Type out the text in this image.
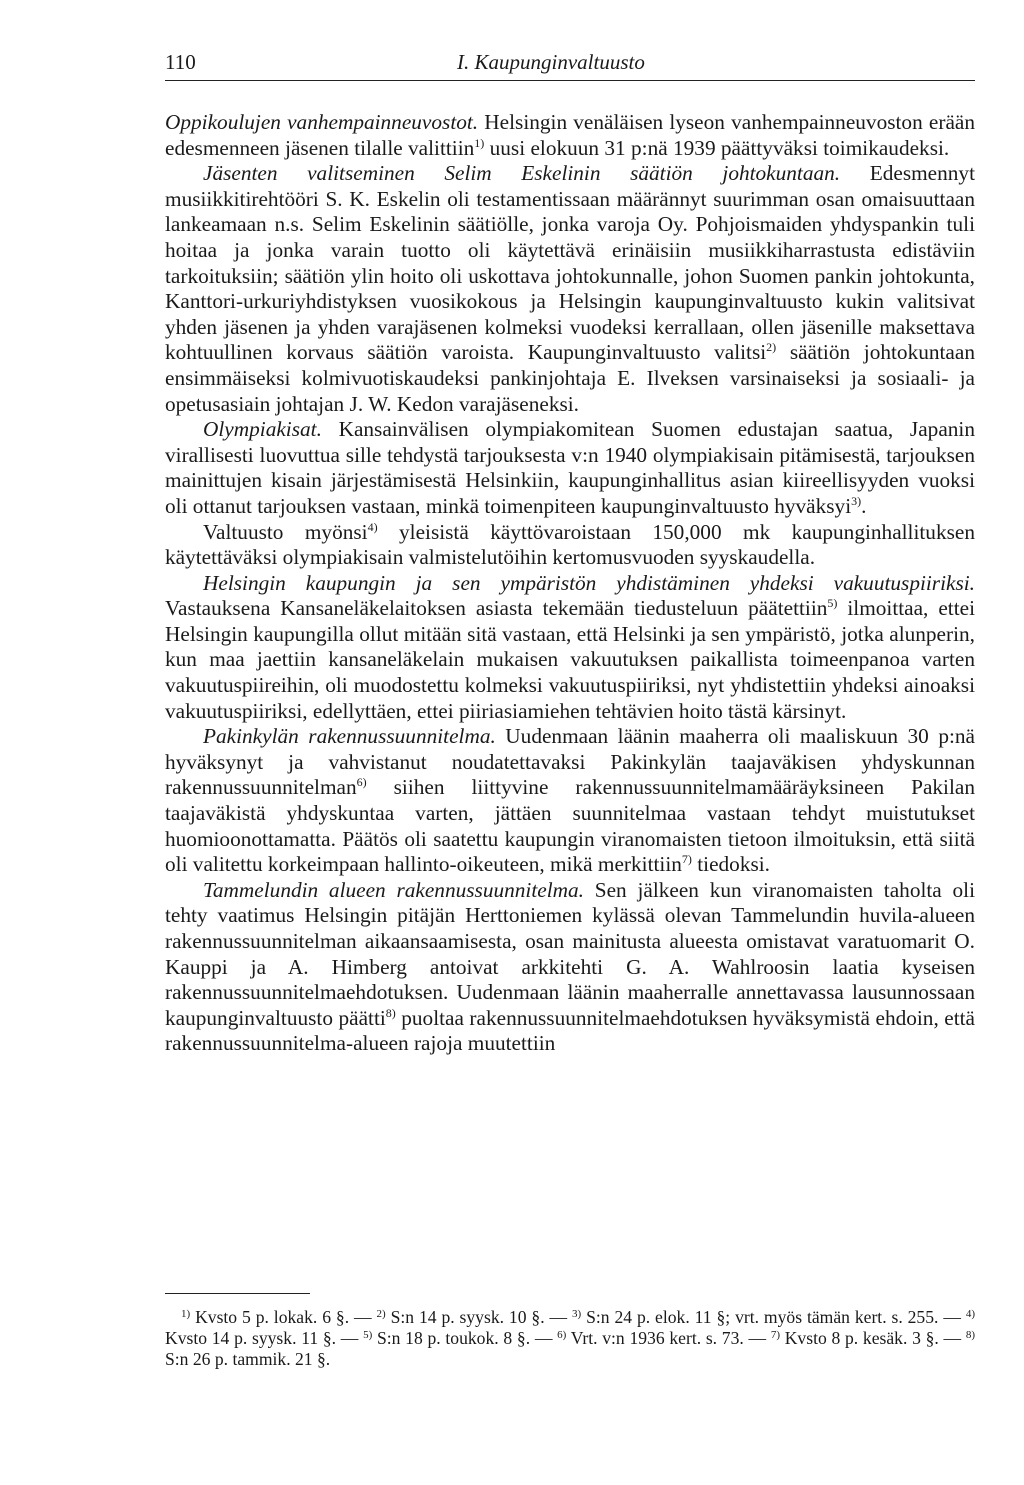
110	I. Kaupunginvaltuusto

Oppikoulujen vanhempainneuvostot. Helsingin venäläisen lyseon vanhempainneuvoston erään edesmenneen jäsenen tilalle valittiin$^{1)}$ uusi elokuun 31 p:nä 1939 päättyväksi toimikaudeksi.

Jäsenten valitseminen Selim Eskelinin säätiön johtokuntaan. Edesmennyt musiikkitirehtööri S. K. Eskelin oli testamentissaan määrännyt suurimman osan omaisuuttaan lankeamaan n.s. Selim Eskelinin säätiölle, jonka varoja Oy. Pohjoismaiden yhdyspankin tuli hoitaa ja jonka varain tuotto oli käytettävä erinäisiin musiikkiharrastusta edistäviin tarkoituksiin; säätiön ylin hoito oli uskottava johtokunnalle, johon Suomen pankin johtokunta, Kanttori-urkuriyhdistyksen vuosikokous ja Helsingin kaupunginvaltuusto kukin valitsivat yhden jäsenen ja yhden varajäsenen kolmeksi vuodeksi kerrallaan, ollen jäsenille maksettava kohtuullinen korvaus säätiön varoista. Kaupunginvaltuusto valitsi$^{2)}$ säätiön johtokuntaan ensimmäiseksi kolmivuotiskaudeksi pankinjohtaja E. Ilveksen varsinaiseksi ja sosiaali- ja opetusasiain johtajan J. W. Kedon varajäseneksi.

Olympiakisat. Kansainvälisen olympiakomitean Suomen edustajan saatua, Japanin virallisesti luovuttua sille tehdystä tarjouksesta v:n 1940 olympiakisain pitämisestä, tarjouksen mainittujen kisain järjestämisestä Helsinkiin, kaupunginhallitus asian kiireellisyyden vuoksi oli ottanut tarjouksen vastaan, minkä toimenpiteen kaupunginvaltuusto hyväksyi$^{3)}$.

Valtuusto myönsi$^{4)}$ yleisistä käyttövaroistaan 150,000 mk kaupunginhallituksen käytettäväksi olympiakisain valmistelutöihin kertomusvuoden syyskaudella.

Helsingin kaupungin ja sen ympäristön yhdistäminen yhdeksi vakuutuspiiriksi. Vastauksena Kansaneläkelaitoksen asiasta tekemään tiedusteluun päätettiin$^{5)}$ ilmoittaa, ettei Helsingin kaupungilla ollut mitään sitä vastaan, että Helsinki ja sen ympäristö, jotka alunperin, kun maa jaettiin kansaneläkelain mukaisen vakuutuksen paikallista toimeenpanoa varten vakuutuspiireihin, oli muodostettu kolmeksi vakuutuspiiriksi, nyt yhdistettiin yhdeksi ainoaksi vakuutuspiiriksi, edellyttäen, ettei piiriasiamiehen tehtävien hoito tästä kärsinyt.

Pakinkylän rakennussuunnitelma. Uudenmaan läänin maaherra oli maaliskuun 30 p:nä hyväksynyt ja vahvistanut noudatettavaksi Pakinkylän taajaväkisen yhdyskunnan rakennussuunnitelman$^{6)}$ siihen liittyvine rakennussuunnitelmamääräyksineen Pakilan taajaväkistä yhdyskuntaa varten, jättäen suunnitelmaa vastaan tehdyt muistutukset huomioonottamatta. Päätös oli saatettu kaupungin viranomaisten tietoon ilmoituksin, että siitä oli valitettu korkeimpaan hallinto-oikeuteen, mikä merkittiin$^{7)}$ tiedoksi.

Tammelundin alueen rakennussuunnitelma. Sen jälkeen kun viranomaisten taholta oli tehty vaatimus Helsingin pitäjän Herttoniemen kylässä olevan Tammelundin huvila-alueen rakennussuunnitelman aikaansaamisesta, osan mainitusta alueesta omistavat varatuomarit O. Kauppi ja A. Himberg antoivat arkkitehti G. A. Wahlroosin laatia kyseisen rakennussuunnitelmaehdotuksen. Uudenmaan läänin maaherralle annettavassa lausunnossaan kaupunginvaltuusto päätti$^{8)}$ puoltaa rakennussuunnitelmaehdotuksen hyväksymistä ehdoin, että rakennussuunnitelma-alueen rajoja muutettiin

$^{1)}$ Kvsto 5 p. lokak. 6 §. — $^{2)}$ S:n 14 p. syysk. 10 §. — $^{3)}$ S:n 24 p. elok. 11 §; vrt. myös tämän kert. s. 255. — $^{4)}$ Kvsto 14 p. syysk. 11 §. — $^{5)}$ S:n 18 p. toukok. 8 §. — $^{6)}$ Vrt. v:n 1936 kert. s. 73. — $^{7)}$ Kvsto 8 p. kesäk. 3 §. — $^{8)}$ S:n 26 p. tammik. 21 §.
